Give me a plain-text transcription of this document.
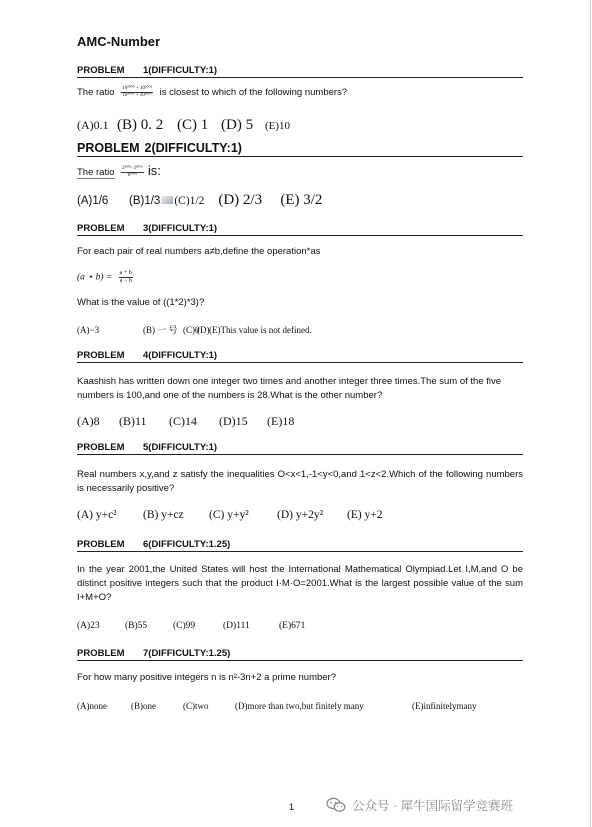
AMC-Number
PROBLEM 1(DIFFICULTY:1)
The ratio $\frac{\text{10²⁰⁰⁰ + 10²⁰⁰²}}{\text{10²⁰⁰¹ + 10²⁰⁰¹}}$ is closest to which of the following numbers?
(A)0.1 (B) 0. 2 (C) 1 (D) 5 (E)10
PROBLEM 2(DIFFICULTY:1)
The ratio $\frac{\text{2²⁰⁰¹·3²⁰⁰³}}{\text{6²⁰⁰²}}$ is:
(A)1/6 (B)1/3 (C)1/2 (D) 2/3 (E) 3/2
PROBLEM 3(DIFFICULTY:1)
For each pair of real numbers a≠b,define the operation*as
(a ⋆ $b) = \frac{a + b}{a - b}$
What is the value of ((1*2)*3)?
(A)−3	(B) 一 号 (C)0(D)(E)This value is not defined.
PROBLEM 4(DIFFICULTY:1)
Kaashish has written down one integer two times and another integer three times.The sum of the five numbers is 100,and one of the numbers is 28.What is the other number?
(A)8 (B)11 (C)14 (D)15 (E)18
PROBLEM 5(DIFFICULTY:1)
Real numbers x,y,and z satisfy the inequalities O<x<1,-1<y<0,and 1<z<2.Which of the following numbers is necessarily positive?
(A) y+c² (B) y+cz (C) y+y² (D) y+2y² (E) y+2
PROBLEM 6(DIFFICULTY:1.25)
In the year 2001,the United States will host the International Mathematical Olympiad.Let I,M,and O be distinct positive integers such that the product I·M·O=2001.What is the largest possible value of the sum I+M+O?
(A)23	(B)55	(C)99	(D)111	(E)671
PROBLEM 7(DIFFICULTY:1.25)
For how many positive integers n is n²-3n+2 a prime number?
(A)none	(B)one	(C)two	(D)more than two,but finitely many	(E)infinitelymany
1	公众号 · 犀牛国际留学竞赛班
